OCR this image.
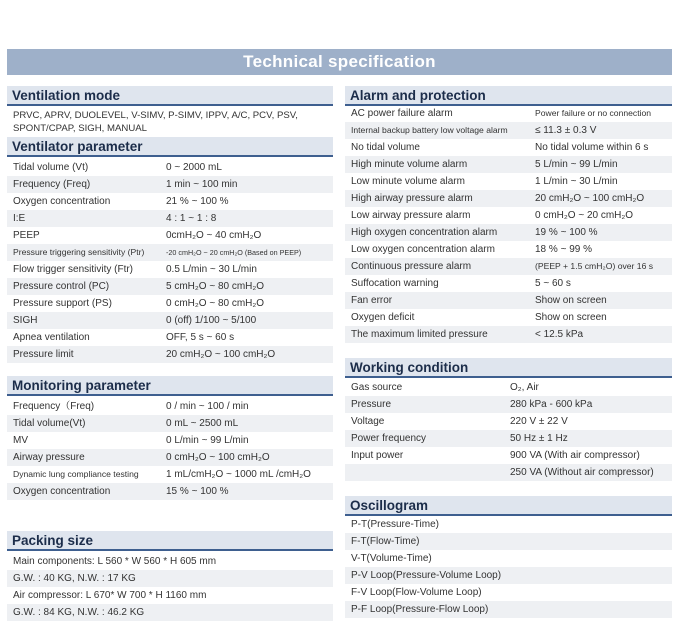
Technical specification
Ventilation mode
PRVC, APRV, DUOLEVEL, V-SIMV, P-SIMV, IPPV, A/C, PCV, PSV, SPONT/CPAP, SIGH, MANUAL
Ventilator parameter
Tidal volume (Vt)	0 ~ 2000 mL
Frequency (Freq)	1 min ~ 100 min
Oxygen concentration	21 % ~ 100 %
I:E	4 : 1 ~ 1 : 8
PEEP	0cmH₂O ~ 40 cmH₂O
Pressure triggering sensitivity (Ptr)	-20 cmH₂O ~ 20 cmH₂O (Based on PEEP)
Flow trigger sensitivity (Ftr)	0.5 L/min ~ 30 L/min
Pressure control (PC)	5 cmH₂O ~ 80 cmH₂O
Pressure support (PS)	0 cmH₂O ~ 80 cmH₂O
SIGH	0 (off) 1/100 ~ 5/100
Apnea ventilation	OFF, 5 s ~ 60 s
Pressure limit	20 cmH₂O ~ 100 cmH₂O
Monitoring parameter
Frequency（Freq)	0 / min ~ 100 / min
Tidal volume(Vt)	0 mL ~ 2500 mL
MV	0 L/min ~ 99 L/min
Airway pressure	0 cmH₂O ~ 100 cmH₂O
Dynamic lung compliance testing	1 mL/cmH₂O ~ 1000 mL /cmH₂O
Oxygen concentration	15 % ~ 100 %
Packing size
Main components: L 560 * W 560 * H 605 mm
G.W. : 40 KG, N.W. : 17 KG
Air compressor: L 670* W 700 * H 1160 mm
G.W. : 84 KG, N.W. : 46.2 KG
Alarm and protection
AC power failure alarm	Power failure or no connection
Internal backup battery low voltage alarm	≤ 11.3 ± 0.3 V
No tidal volume	No tidal volume within 6 s
High minute volume alarm	5 L/min ~ 99 L/min
Low minute volume alarm	1 L/min ~ 30 L/min
High airway pressure alarm	20 cmH₂O ~ 100 cmH₂O
Low airway pressure alarm	0 cmH₂O ~ 20 cmH₂O
High oxygen concentration alarm	19 % ~ 100 %
Low oxygen concentration alarm	18 % ~ 99 %
Continuous pressure alarm	(PEEP + 1.5 cmH₂O) over 16 s
Suffocation warning	5 ~ 60 s
Fan error	Show on screen
Oxygen deficit	Show on screen
The maximum limited pressure	< 12.5 kPa
Working condition
Gas source	O₂, Air
Pressure	280 kPa - 600 kPa
Voltage	220 V ± 22 V
Power frequency	50 Hz ± 1 Hz
Input power	900 VA (With air compressor)
250 VA (Without air compressor)
Oscillogram
P-T(Pressure-Time)
F-T(Flow-Time)
V-T(Volume-Time)
P-V Loop(Pressure-Volume Loop)
F-V Loop(Flow-Volume Loop)
P-F Loop(Pressure-Flow Loop)
